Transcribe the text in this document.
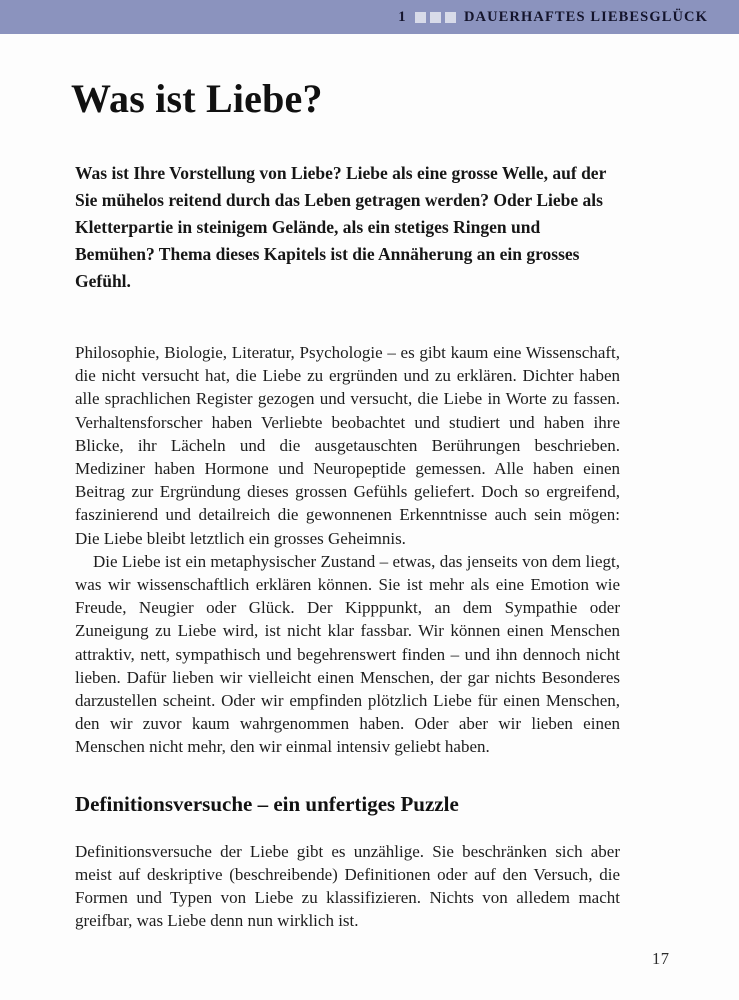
1	DAUERHAFTES LIEBESGLÜCK
Was ist Liebe?

Was ist Ihre Vorstellung von Liebe? Liebe als eine grosse Welle, auf der Sie mühelos reitend durch das Leben getragen werden? Oder Liebe als Kletterpartie in steinigem Gelände, als ein stetiges Ringen und Bemühen? Thema dieses Kapitels ist die Annäherung an ein grosses Gefühl.

Philosophie, Biologie, Literatur, Psychologie – es gibt kaum eine Wissenschaft, die nicht versucht hat, die Liebe zu ergründen und zu erklären. Dichter haben alle sprachlichen Register gezogen und versucht, die Liebe in Worte zu fassen. Verhaltensforscher haben Verliebte beobachtet und studiert und haben ihre Blicke, ihr Lächeln und die ausgetauschten Berührungen beschrieben. Mediziner haben Hormone und Neuropeptide gemessen. Alle haben einen Beitrag zur Ergründung dieses grossen Gefühls geliefert. Doch so ergreifend, faszinierend und detailreich die gewonnenen Erkenntnisse auch sein mögen: Die Liebe bleibt letztlich ein grosses Geheimnis.

Die Liebe ist ein metaphysischer Zustand – etwas, das jenseits von dem liegt, was wir wissenschaftlich erklären können. Sie ist mehr als eine Emotion wie Freude, Neugier oder Glück. Der Kipppunkt, an dem Sympathie oder Zuneigung zu Liebe wird, ist nicht klar fassbar. Wir können einen Menschen attraktiv, nett, sympathisch und begehrenswert finden – und ihn dennoch nicht lieben. Dafür lieben wir vielleicht einen Menschen, der gar nichts Besonderes darzustellen scheint. Oder wir empfinden plötzlich Liebe für einen Menschen, den wir zuvor kaum wahrgenommen haben. Oder aber wir lieben einen Menschen nicht mehr, den wir einmal intensiv geliebt haben.

Definitionsversuche – ein unfertiges Puzzle

Definitionsversuche der Liebe gibt es unzählige. Sie beschränken sich aber meist auf deskriptive (beschreibende) Definitionen oder auf den Versuch, die Formen und Typen von Liebe zu klassifizieren. Nichts von alledem macht greifbar, was Liebe denn nun wirklich ist.

17
